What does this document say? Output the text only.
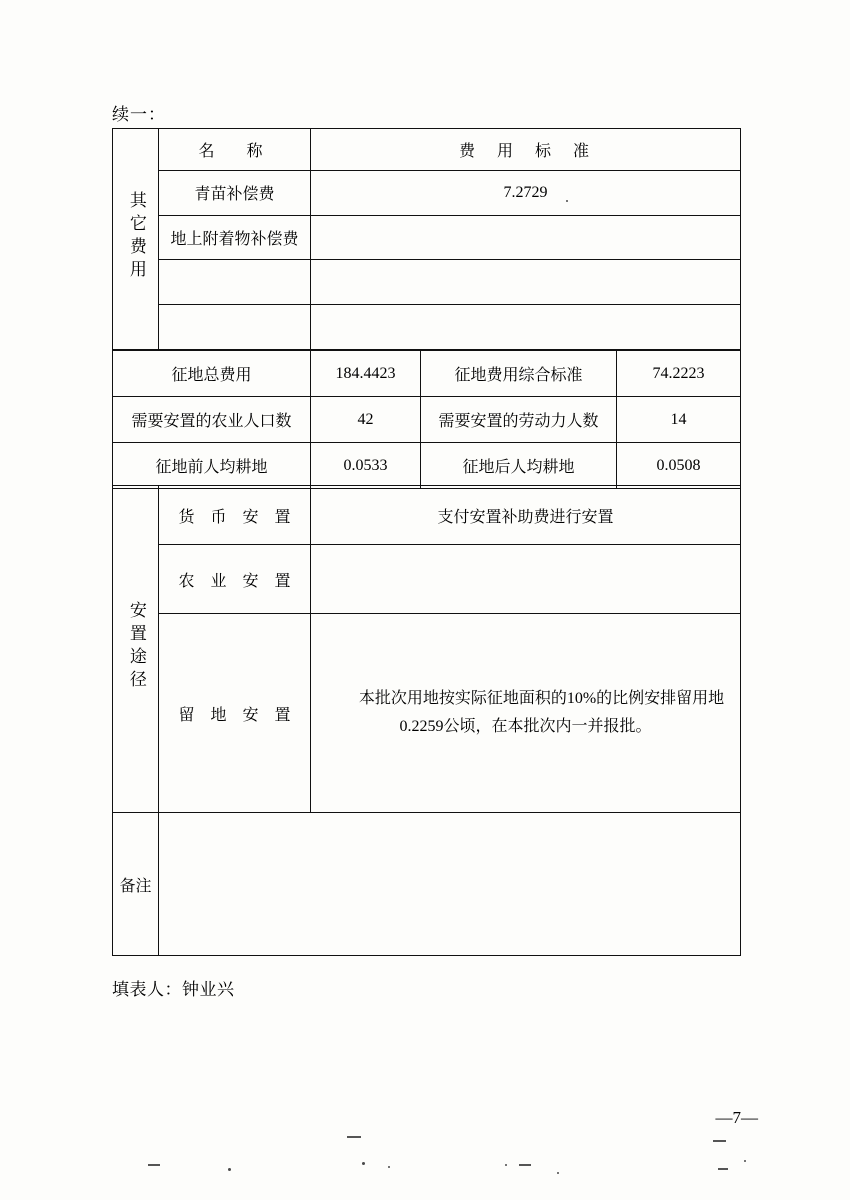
续一：
其它费用	名　称	费　用　标　准
	青苗补偿费	7.2729
	地上附着物补偿费	

征地总费用	184.4423	征地费用综合标准	74.2223
需要安置的农业人口数	42	需要安置的劳动力人数	14
征地前人均耕地	0.0533	征地后人均耕地	0.0508
安置途径	货　币　安　置	支付安置补助费进行安置
	农　业　安　置	
	留　地　安　置	本批次用地按实际征地面积的10%的比例安排留用地0.2259公顷，在本批次内一并报批。
备注		
填表人：钟业兴
—7—
